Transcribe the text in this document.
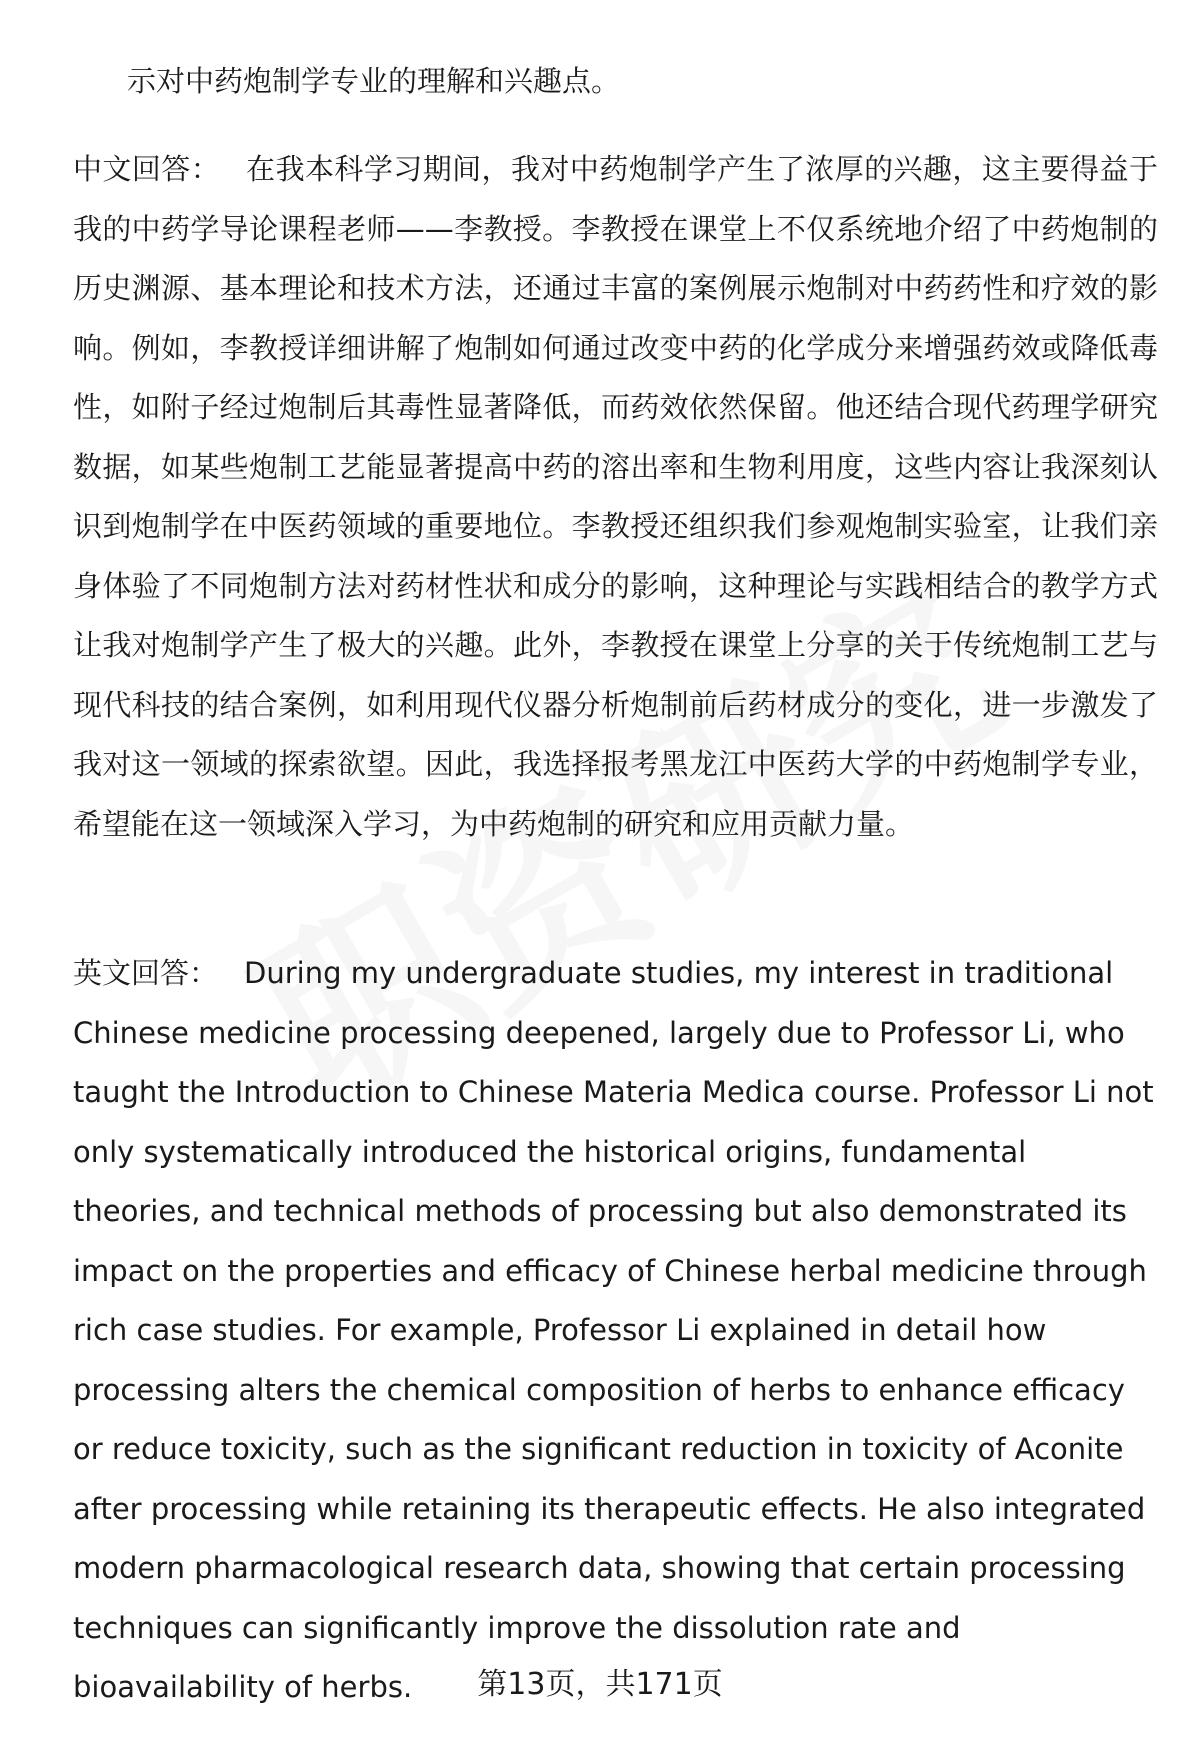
示对中药炮制学专业的理解和兴趣点。

中文回答： 在我本科学习期间，我对中药炮制学产生了浓厚的兴趣，这主要得益于我的中药学导论课程老师——李教授。李教授在课堂上不仅系统地介绍了中药炮制的历史渊源、基本理论和技术方法，还通过丰富的案例展示炮制对中药药性和疗效的影响。例如，李教授详细讲解了炮制如何通过改变中药的化学成分来增强药效或降低毒性，如附子经过炮制后其毒性显著降低，而药效依然保留。他还结合现代药理学研究数据，如某些炮制工艺能显著提高中药的溶出率和生物利用度，这些内容让我深刻认识到炮制学在中医药领域的重要地位。李教授还组织我们参观炮制实验室，让我们亲身体验了不同炮制方法对药材性状和成分的影响，这种理论与实践相结合的教学方式让我对炮制学产生了极大的兴趣。此外，李教授在课堂上分享的关于传统炮制工艺与现代科技的结合案例，如利用现代仪器分析炮制前后药材成分的变化，进一步激发了我对这一领域的探索欲望。因此，我选择报考黑龙江中医药大学的中药炮制学专业，希望能在这一领域深入学习，为中药炮制的研究和应用贡献力量。

英文回答： During my undergraduate studies, my interest in traditional Chinese medicine processing deepened, largely due to Professor Li, who taught the Introduction to Chinese Materia Medica course. Professor Li not only systematically introduced the historical origins, fundamental theories, and technical methods of processing but also demonstrated its impact on the properties and efficacy of Chinese herbal medicine through rich case studies. For example, Professor Li explained in detail how processing alters the chemical composition of herbs to enhance efficacy or reduce toxicity, such as the significant reduction in toxicity of Aconite after processing while retaining its therapeutic effects. He also integrated modern pharmacological research data, showing that certain processing techniques can significantly improve the dissolution rate and bioavailability of herbs.	第13页，共171页
